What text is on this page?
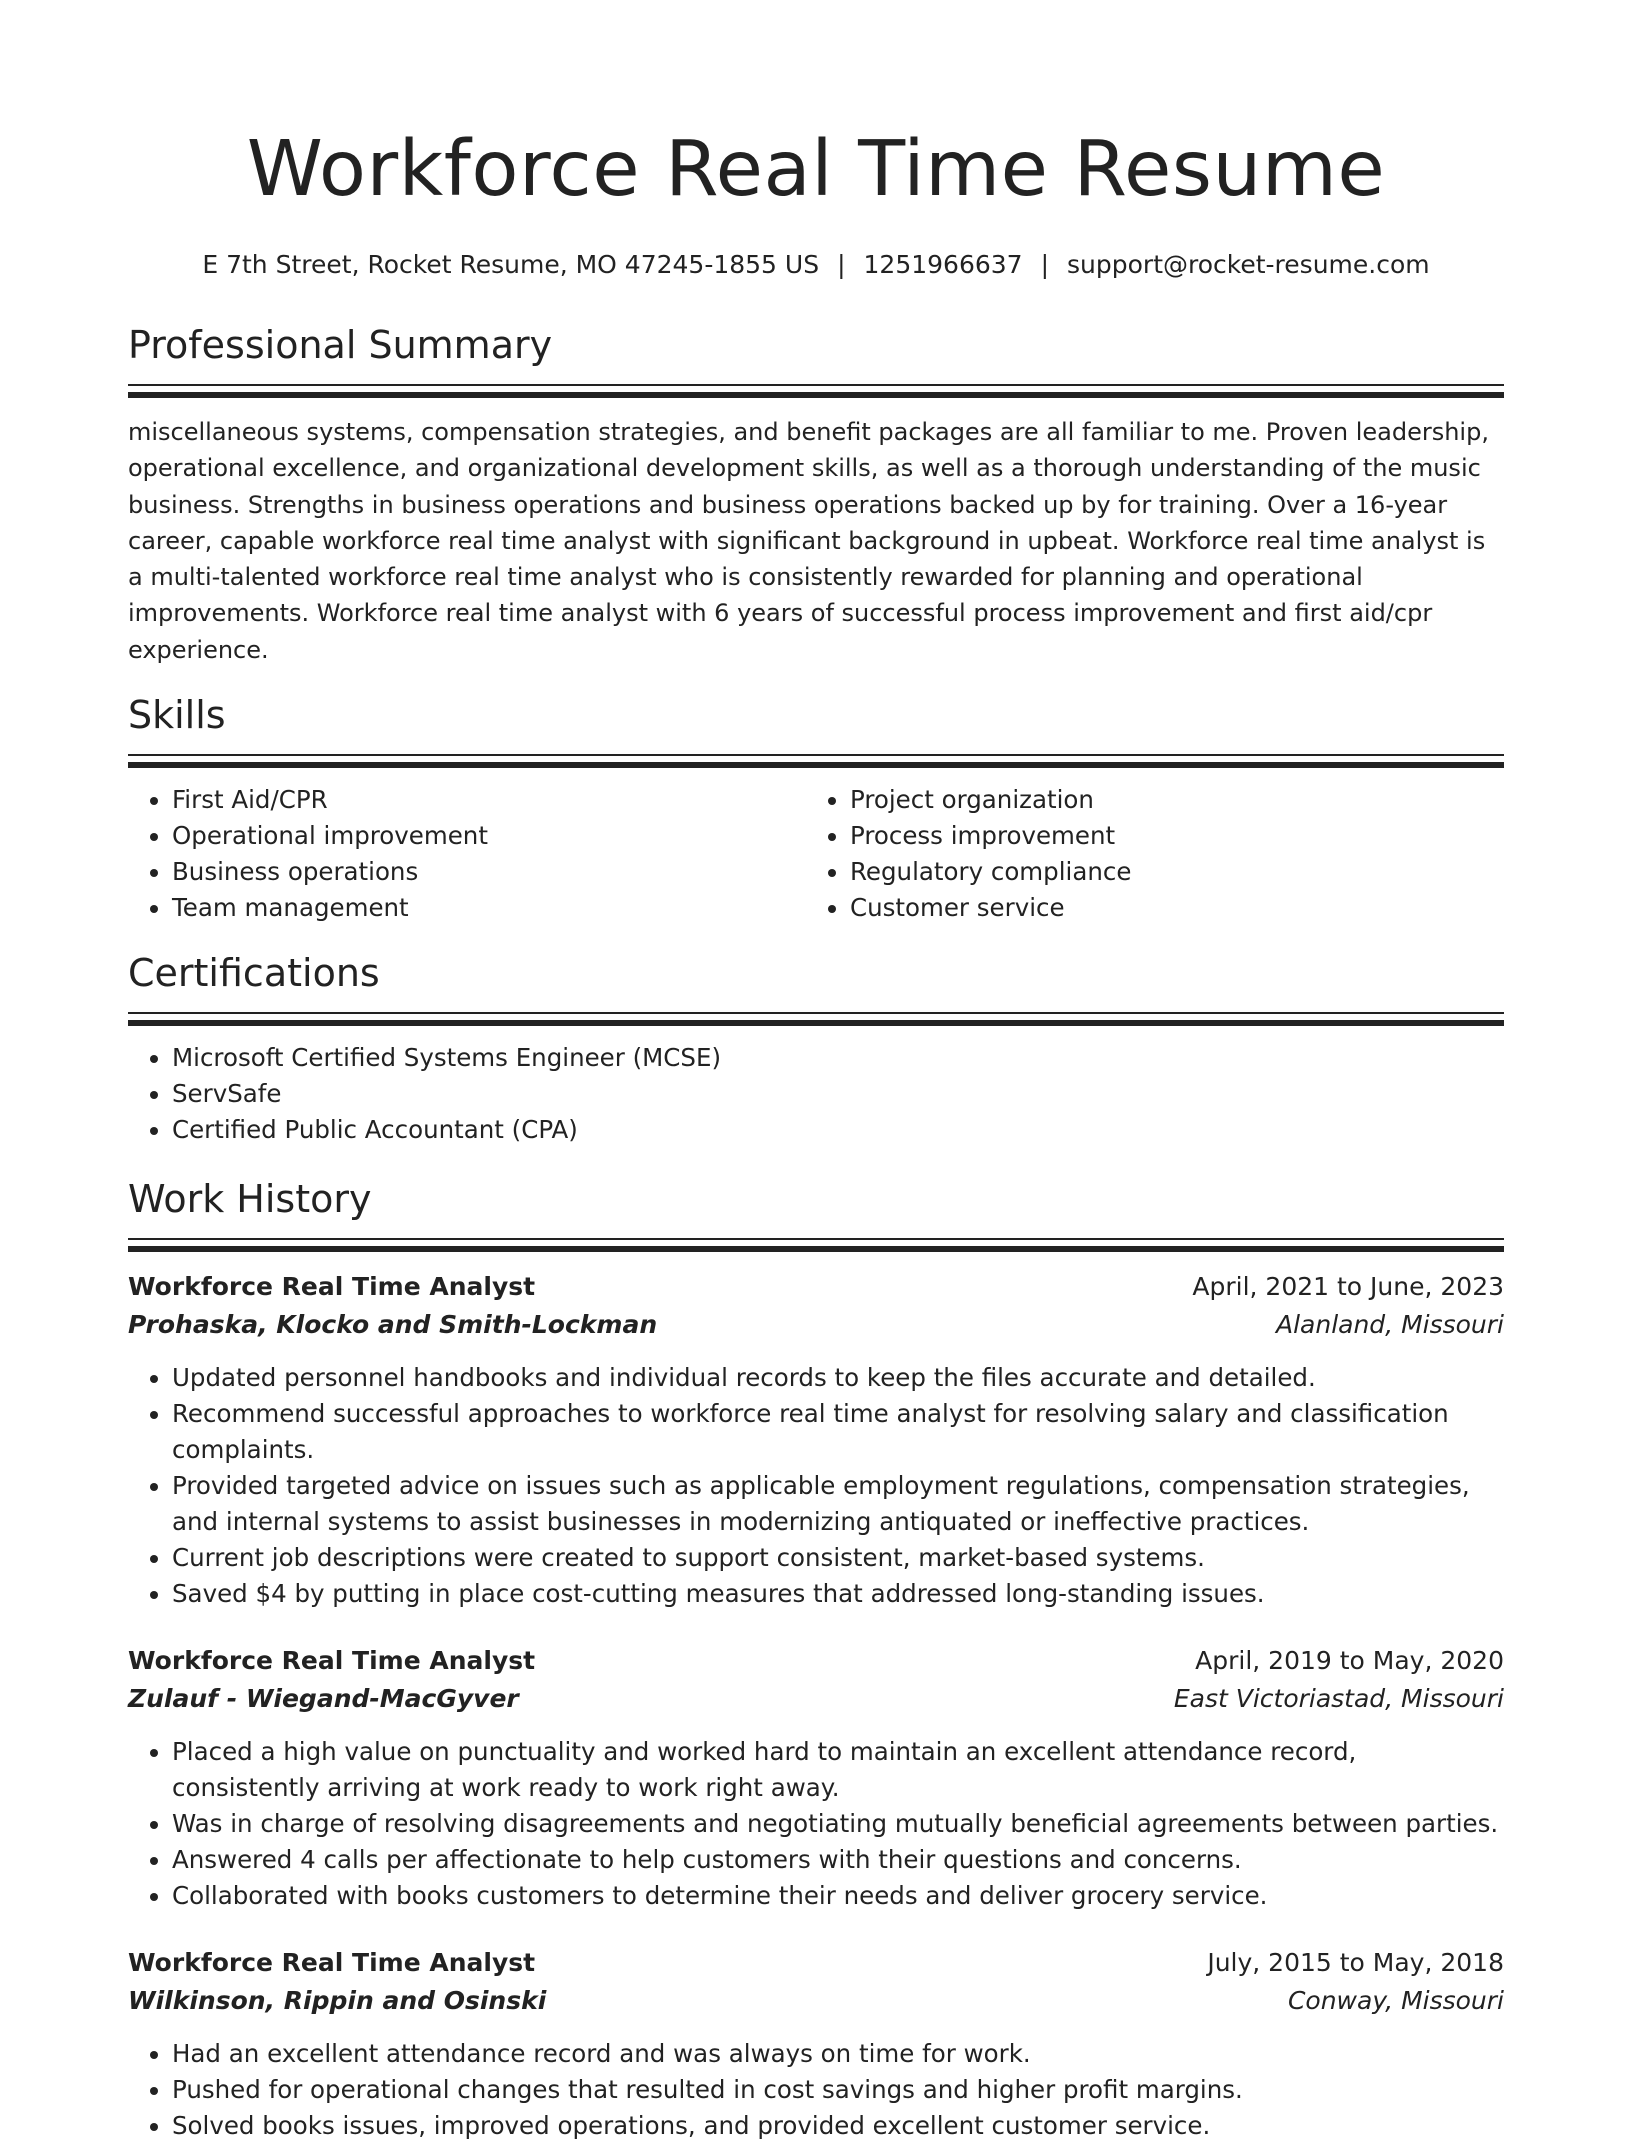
Workforce Real Time Resume
E 7th Street, Rocket Resume, MO 47245-1855 US | 1251966637 | support@rocket-resume.com
Professional Summary

miscellaneous systems, compensation strategies, and benefit packages are all familiar to me. Proven leadership, operational excellence, and organizational development skills, as well as a thorough understanding of the music business. Strengths in business operations and business operations backed up by for training. Over a 16-year career, capable workforce real time analyst with significant background in upbeat. Workforce real time analyst is a multi-talented workforce real time analyst who is consistently rewarded for planning and operational improvements. Workforce real time analyst with 6 years of successful process improvement and first aid/cpr experience.

Skills
• First Aid/CPR
• Operational improvement
• Business operations
• Team management
• Project organization
• Process improvement
• Regulatory compliance
• Customer service
Certifications
• Microsoft Certified Systems Engineer (MCSE)
• ServSafe
• Certified Public Accountant (CPA)
Work History
Workforce Real Time Analyst	April, 2021 to June, 2023
Prohaska, Klocko and Smith-Lockman	Alanland, Missouri
• Updated personnel handbooks and individual records to keep the files accurate and detailed.
• Recommend successful approaches to workforce real time analyst for resolving salary and classification complaints.
• Provided targeted advice on issues such as applicable employment regulations, compensation strategies, and internal systems to assist businesses in modernizing antiquated or ineffective practices.
• Current job descriptions were created to support consistent, market-based systems.
• Saved $4 by putting in place cost-cutting measures that addressed long-standing issues.
Workforce Real Time Analyst	April, 2019 to May, 2020
Zulauf - Wiegand-MacGyver	East Victoriastad, Missouri
• Placed a high value on punctuality and worked hard to maintain an excellent attendance record, consistently arriving at work ready to work right away.
• Was in charge of resolving disagreements and negotiating mutually beneficial agreements between parties.
• Answered 4 calls per affectionate to help customers with their questions and concerns.
• Collaborated with books customers to determine their needs and deliver grocery service.
Workforce Real Time Analyst	July, 2015 to May, 2018
Wilkinson, Rippin and Osinski	Conway, Missouri
• Had an excellent attendance record and was always on time for work.
• Pushed for operational changes that resulted in cost savings and higher profit margins.
• Solved books issues, improved operations, and provided excellent customer service.
